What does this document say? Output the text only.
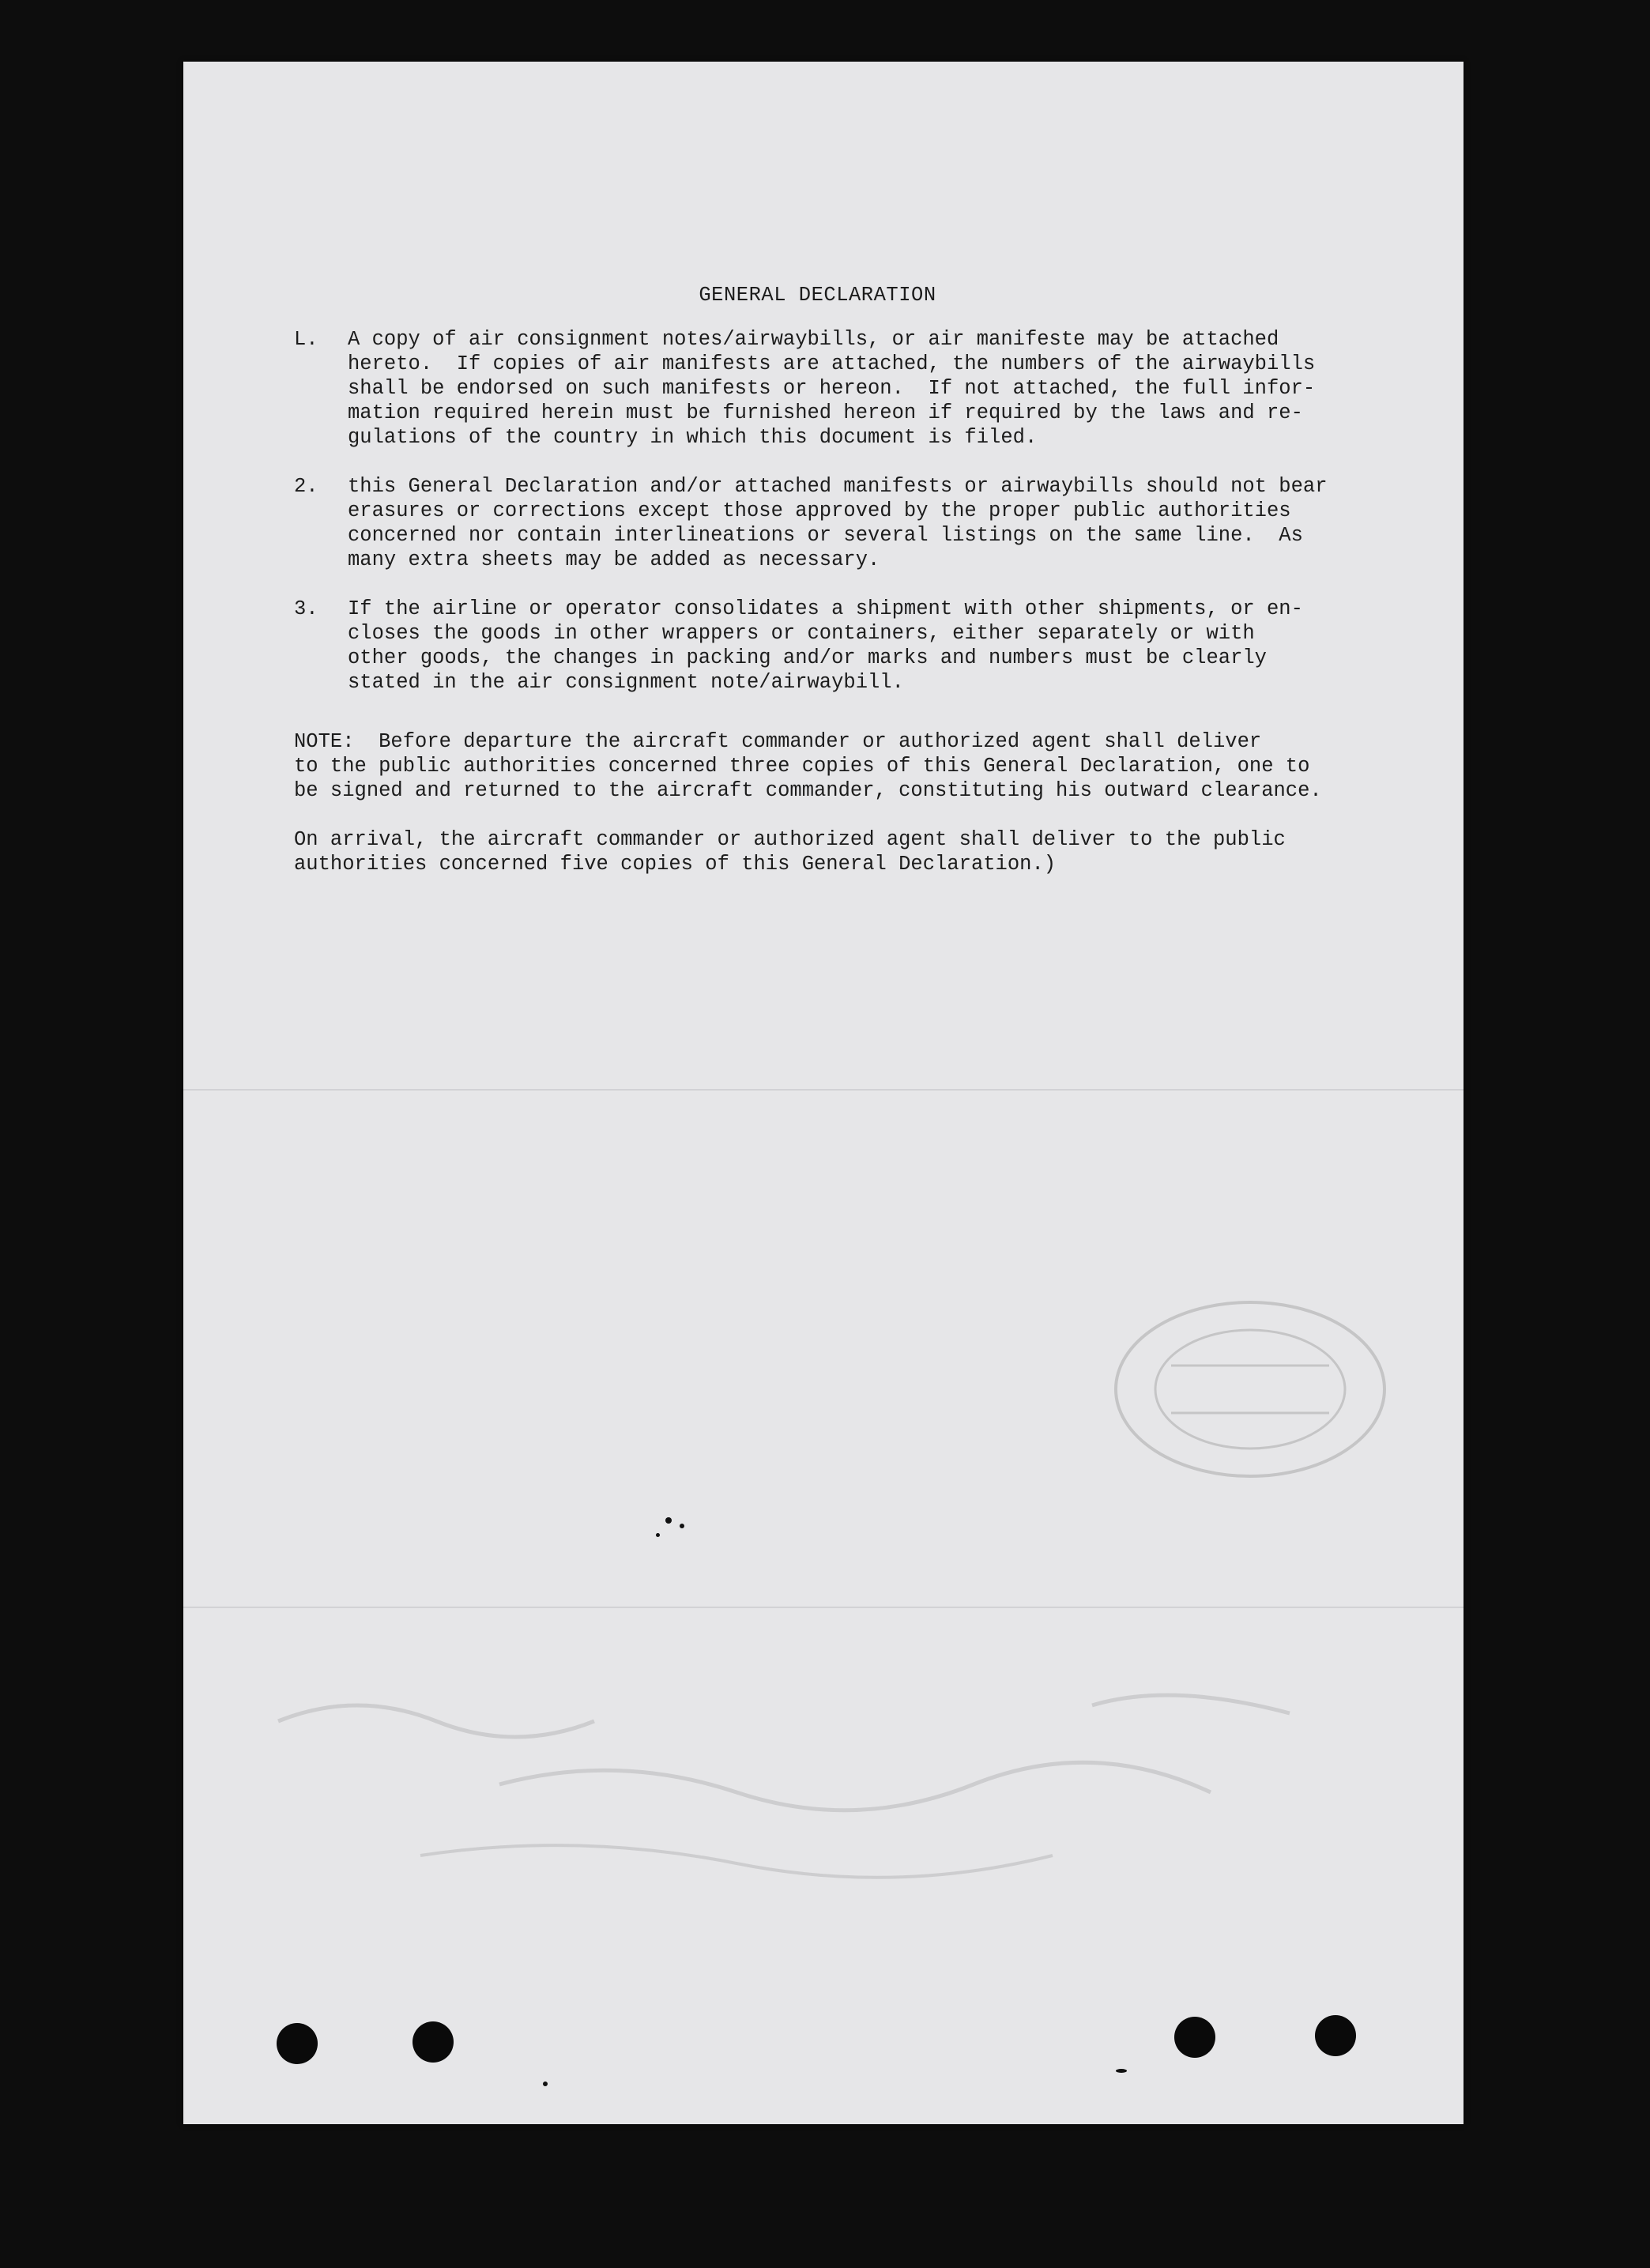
GENERAL DECLARATION
L.	A copy of air consignment notes/airwaybills, or air manifeste may be attached
hereto.  If copies of air manifests are attached, the numbers of the airwaybills
shall be endorsed on such manifests or hereon.  If not attached, the full infor-
mation required herein must be furnished hereon if required by the laws and re-
gulations of the country in which this document is filed.
2.	this General Declaration and/or attached manifests or airwaybills should not bear
erasures or corrections except those approved by the proper public authorities
concerned nor contain interlineations or several listings on the same line.  As
many extra sheets may be added as necessary.
3.	If the airline or operator consolidates a shipment with other shipments, or en-
closes the goods in other wrappers or containers, either separately or with
other goods, the changes in packing and/or marks and numbers must be clearly
stated in the air consignment note/airwaybill.
NOTE:  Before departure the aircraft commander or authorized agent shall deliver
to the public authorities concerned three copies of this General Declaration, one to
be signed and returned to the aircraft commander, constituting his outward clearance.
On arrival, the aircraft commander or authorized agent shall deliver to the public
authorities concerned five copies of this General Declaration.)
